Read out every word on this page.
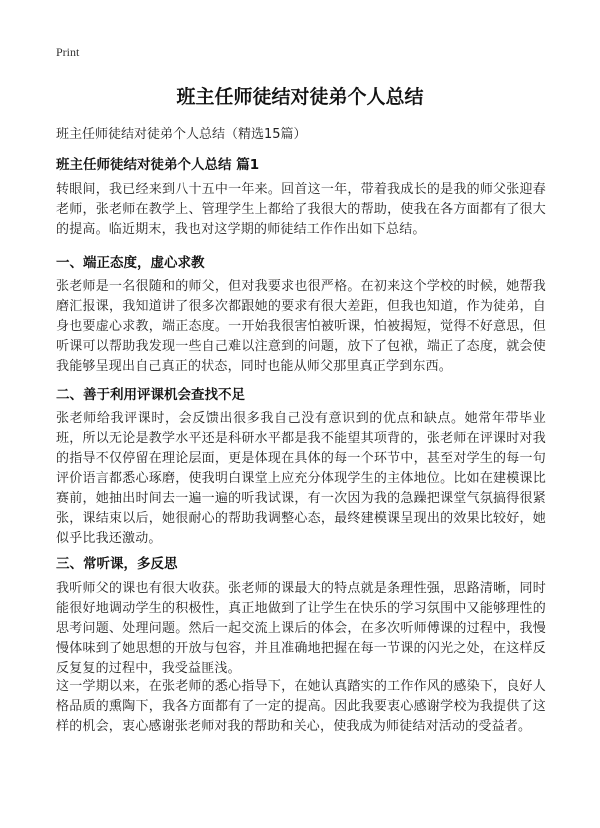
Print
班主任师徒结对徒弟个人总结
班主任师徒结对徒弟个人总结（精选15篇）
班主任师徒结对徒弟个人总结 篇1
转眼间，我已经来到八十五中一年来。回首这一年，带着我成长的是我的师父张迎春老师，张老师在教学上、管理学生上都给了我很大的帮助，使我在各方面都有了很大的提高。临近期末，我也对这学期的师徒结工作作出如下总结。
一、端正态度，虚心求教
张老师是一名很随和的师父，但对我要求也很严格。在初来这个学校的时候，她帮我磨汇报课，我知道讲了很多次都跟她的要求有很大差距，但我也知道，作为徒弟，自身也要虚心求教，端正态度。一开始我很害怕被听课，怕被揭短，觉得不好意思，但听课可以帮助我发现一些自己难以注意到的问题，放下了包袱，端正了态度，就会使我能够呈现出自己真正的状态，同时也能从师父那里真正学到东西。
二、善于利用评课机会查找不足
张老师给我评课时，会反馈出很多我自己没有意识到的优点和缺点。她常年带毕业班，所以无论是教学水平还是科研水平都是我不能望其项背的，张老师在评课时对我的指导不仅停留在理论层面，更是体现在具体的每一个环节中，甚至对学生的每一句评价语言都悉心琢磨，使我明白课堂上应充分体现学生的主体地位。比如在建模课比赛前，她抽出时间去一遍一遍的听我试课，有一次因为我的急躁把课堂气氛搞得很紧张，课结束以后，她很耐心的帮助我调整心态，最终建模课呈现出的效果比较好，她似乎比我还激动。
三、常听课，多反思
我听师父的课也有很大收获。张老师的课最大的特点就是条理性强，思路清晰，同时能很好地调动学生的积极性，真正地做到了让学生在快乐的学习氛围中又能够理性的思考问题、处理问题。然后一起交流上课后的体会，在多次听师傅课的过程中，我慢慢体味到了她思想的开放与包容，并且准确地把握在每一节课的闪光之处，在这样反反复复的过程中，我受益匪浅。
这一学期以来，在张老师的悉心指导下，在她认真踏实的工作作风的感染下，良好人格品质的熏陶下，我各方面都有了一定的提高。因此我要衷心感谢学校为我提供了这样的机会，衷心感谢张老师对我的帮助和关心，使我成为师徒结对活动的受益者。
